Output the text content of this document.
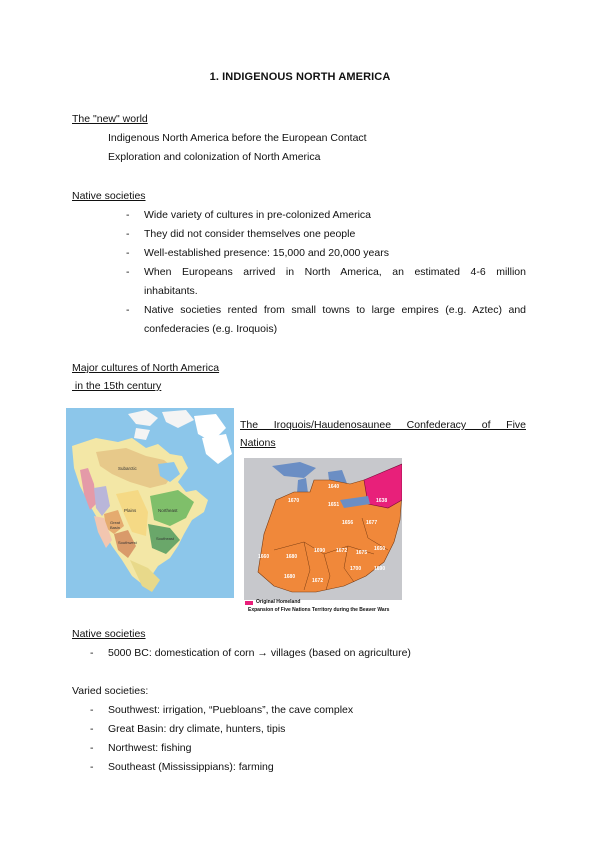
1. INDIGENOUS NORTH AMERICA
The "new" world
Indigenous North America before the European Contact
Exploration and colonization of North America
Native societies
-	Wide variety of cultures in pre-colonized America
-	They did not consider themselves one people
-	Well-established presence: 15,000 and 20,000 years
-	When Europeans arrived in North America, an estimated 4-6 million
inhabitants.
-	Native societies rented from small towns to large empires (e.g. Aztec) and
confederacies (e.g. Iroquois)
Major cultures of North America
in the 15th century
Plains	Northeast
Great
Basin
Southwest
Southeast
Subarctic
The Iroquois/Haudenosaunee Confederacy of Five
Nations
1640
1670
1651
1638
1656	1677
1660	1680
1690 1672 1675
1650
1700
1672
1680
1690
Original Homeland
Expansion of Five Nations Territory during the Beaver Wars
Native societies
-	5000 BC: domestication of corn → villages (based on agriculture)
Varied societies:
-	Southwest: irrigation, “Puebloans”, the cave complex
-	Great Basin: dry climate, hunters, tipis
-	Northwest: fishing
-	Southeast (Mississippians): farming
